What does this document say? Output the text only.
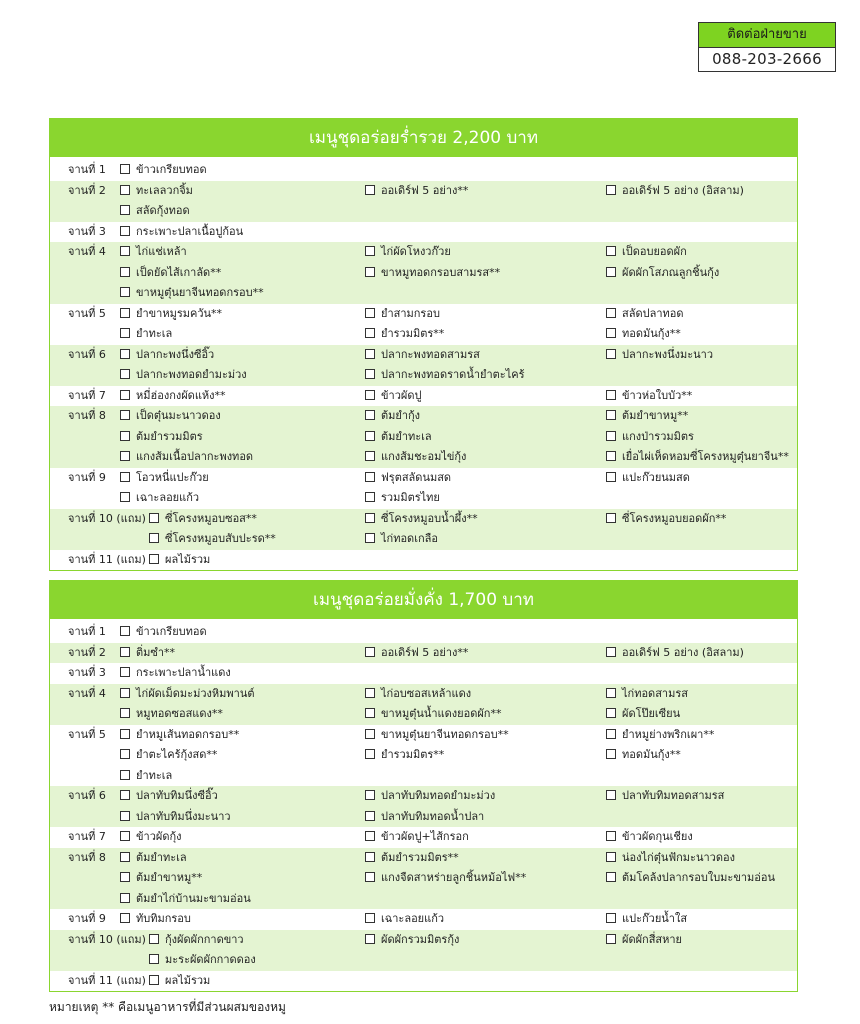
ติดต่อฝ่ายขาย
088-203-2666
เมนูชุดอร่อยร่ำรวย 2,200 บาท
จานที่ 1	ข้าวเกรียบทอด
จานที่ 2	ทะเลลวกจิ้ม	ออเดิร์ฟ 5 อย่าง**	ออเดิร์ฟ 5 อย่าง (อิสลาม)
สลัดกุ้งทอด
จานที่ 3	กระเพาะปลาเนื้อปูก้อน
จานที่ 4	ไก่แช่เหล้า	ไก่ผัดโหงวก๊วย	เป็ดอบยอดผัก
เป็ดยัดไส้เกาลัด**	ขาหมูทอดกรอบสามรส**	ผัดผักโสภณลูกชิ้นกุ้ง
ขาหมูตุ๋นยาจีนทอดกรอบ**
จานที่ 5	ยำขาหมูรมควัน**	ยำสามกรอบ	สลัดปลาทอด
ยำทะเล	ยำรวมมิตร**	ทอดมันกุ้ง**
จานที่ 6	ปลากะพงนึ่งซีอิ๊ว	ปลากะพงทอดสามรส	ปลากะพงนึ่งมะนาว
ปลากะพงทอดยำมะม่วง	ปลากะพงทอดราดน้ำยำตะไคร้
จานที่ 7	หมี่ฮ่องกงผัดแห้ง**	ข้าวผัดปู	ข้าวห่อใบบัว**
จานที่ 8	เป็ดตุ๋นมะนาวดอง	ต้มยำกุ้ง	ต้มยำขาหมู**
ต้มยำรวมมิตร	ต้มยำทะเล	แกงป่ารวมมิตร
แกงส้มเนื้อปลากะพงทอด	แกงส้มชะอมไข่กุ้ง	เยื่อไผ่เห็ดหอมซี่โครงหมูตุ๋นยาจีน**
จานที่ 9	โอวหนี่แปะก๊วย	ฟรุตสลัดนมสด	แปะก๊วยนมสด
เฉาะลอยแก้ว	รวมมิตรไทย
จานที่ 10 (แถม)	ซี่โครงหมูอบซอส**	ซี่โครงหมูอบน้ำผึ้ง**	ซี่โครงหมูอบยอดผัก**
ซี่โครงหมูอบสับปะรด**	ไก่ทอดเกลือ
จานที่ 11 (แถม)	ผลไม้รวม
เมนูชุดอร่อยมั่งคั่ง 1,700 บาท
จานที่ 1	ข้าวเกรียบทอด
จานที่ 2	ติ่มซำ**	ออเดิร์ฟ 5 อย่าง**	ออเดิร์ฟ 5 อย่าง (อิสลาม)
จานที่ 3	กระเพาะปลาน้ำแดง
จานที่ 4	ไก่ผัดเม็ดมะม่วงหิมพานต์	ไก่อบซอสเหล้าแดง	ไก่ทอดสามรส
หมูทอดซอสแดง**	ขาหมูตุ๋นน้ำแดงยอดผัก**	ผัดโป๊ยเซียน
จานที่ 5	ยำหมูเส้นทอดกรอบ**	ขาหมูตุ๋นยาจีนทอดกรอบ**	ยำหมูย่างพริกเผา**
ยำตะไคร้กุ้งสด**	ยำรวมมิตร**	ทอดมันกุ้ง**
ยำทะเล
จานที่ 6	ปลาทับทิมนึ่งซีอิ๊ว	ปลาทับทิมทอดยำมะม่วง	ปลาทับทิมทอดสามรส
ปลาทับทิมนึ่งมะนาว	ปลาทับทิมทอดน้ำปลา
จานที่ 7	ข้าวผัดกุ้ง	ข้าวผัดปู+ไส้กรอก	ข้าวผัดกุนเชียง
จานที่ 8	ต้มยำทะเล	ต้มยำรวมมิตร**	น่องไก่ตุ๋นฟักมะนาวดอง
ต้มยำขาหมู**	แกงจืดสาหร่ายลูกชิ้นหม้อไฟ**	ต้มโคล้งปลากรอบใบมะขามอ่อน
ต้มยำไก่บ้านมะขามอ่อน
จานที่ 9	ทับทิมกรอบ	เฉาะลอยแก้ว	แปะก๊วยน้ำใส
จานที่ 10 (แถม)	กุ้งผัดผักกาดขาว	ผัดผักรวมมิตรกุ้ง	ผัดผักสี่สหาย
มะระผัดผักกาดดอง
จานที่ 11 (แถม)	ผลไม้รวม
หมายเหตุ ** คือเมนูอาหารที่มีส่วนผสมของหมู
